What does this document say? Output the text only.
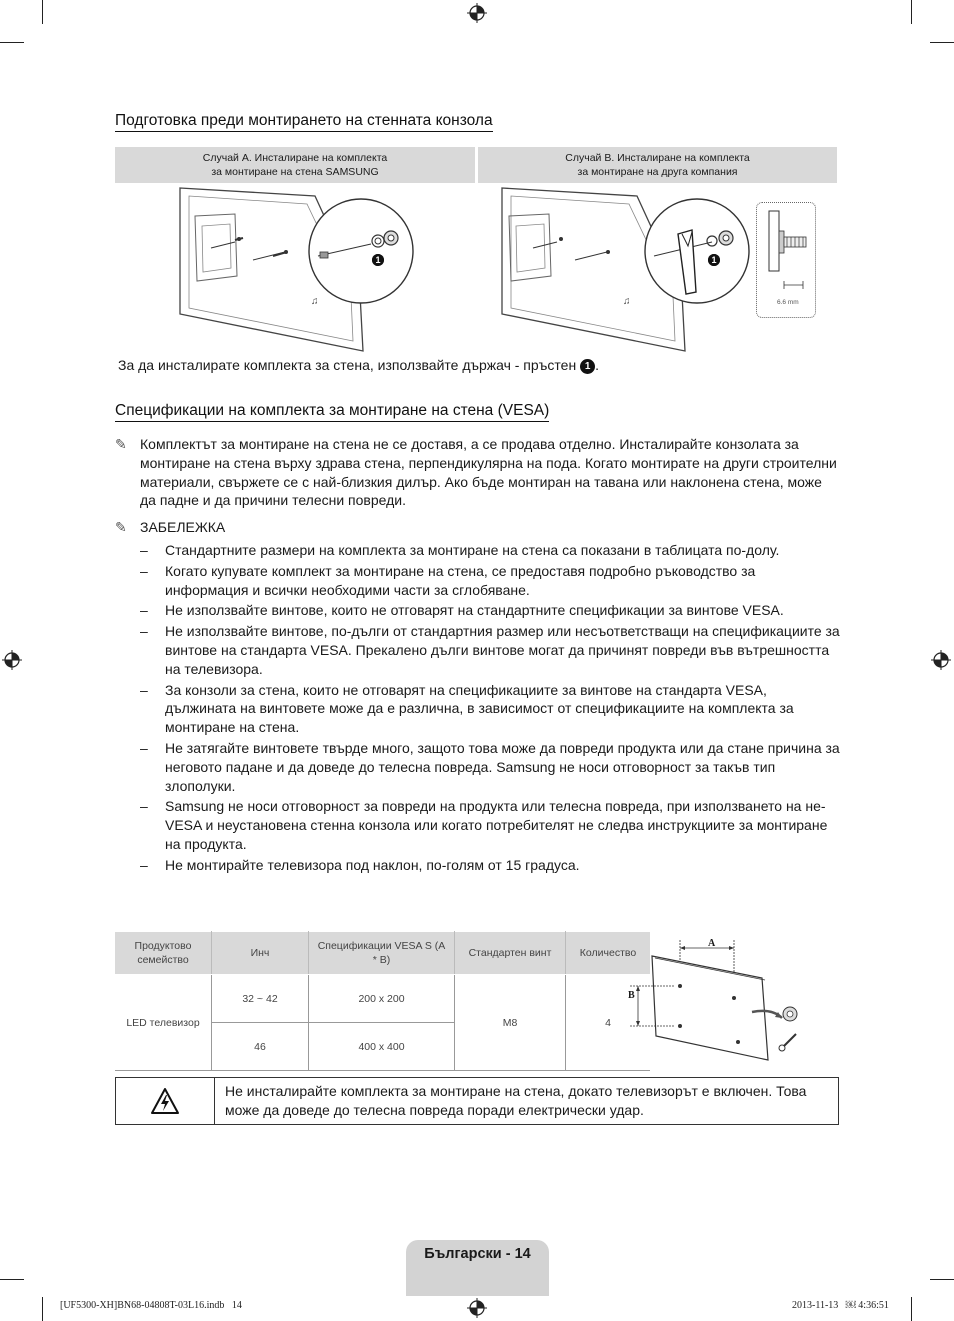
Подготовка преди монтирането на стенната конзола
Случай А. Инсталиране на комплекта
за монтиране на стена SAMSUNG
Случай B. Инсталиране на комплекта
за монтиране на друга компания
♫
1
♫
1
6.6 mm
За да инсталирате комплекта за стена, използвайте държач - пръстен 1 .
Спецификации на комплекта за монтиране на стена (VESA)
✎ Комплектът за монтиране на стена не се доставя, а се продава отделно. Инсталирайте конзолата за монтиране на стена върху здрава стена, перпендикулярна на пода. Когато монтирате на други строителни материали, свържете се с най-близкия дилър. Ако бъде монтиран на тавана или наклонена стена, може да падне и да причини телесни повреди.
✎ ЗАБЕЛЕЖКА
– Стандартните размери на комплекта за монтиране на стена са показани в таблицата по-долу.
– Когато купувате комплект за монтиране на стена, се предоставя подробно ръководство за информация и всички необходими части за сглобяване.
– Не използвайте винтове, които не отговарят на стандартните спецификации за винтове VESA.
– Не използвайте винтове, по-дълги от стандартния размер или несъответстващи на спецификациите за винтове на стандарта VESA. Прекалено дълги винтове могат да причинят повреди във вътрешността на телевизора.
– За конзоли за стена, които не отговарят на спецификациите за винтове на стандарта VESA, дължината на винтовете може да е различна, в зависимост от спецификациите на комплекта за монтиране на стена.
– Не затягайте винтовете твърде много, защото това може да повреди продукта или да стане причина за неговото падане и да доведе до телесна повреда. Samsung не носи отговорност за такъв тип злополуки.
– Samsung не носи отговорност за повреди на продукта или телесна повреда, при използването на не-VESA и неустановена стенна конзола или когато потребителят не следва инструкциите за монтиране на продукта.
– Не монтирайте телевизора под наклон, по-голям от 15 градуса.
Продуктово семейство	Инч	Спецификации VESA S (A * B)	Стандартен винт	Количество
LED телевизор	32 ~ 42	200 x 200	M8	4
	46	400 x 400		
A
B
Не инсталирайте комплекта за монтиране на стена, докато телевизорът е включен. Това може да доведе до телесна повреда поради електрически удар.
Български - 14
[UF5300-XH]BN68-04808T-03L16.indb   14	2013-11-13   ￼ 4:36:51
